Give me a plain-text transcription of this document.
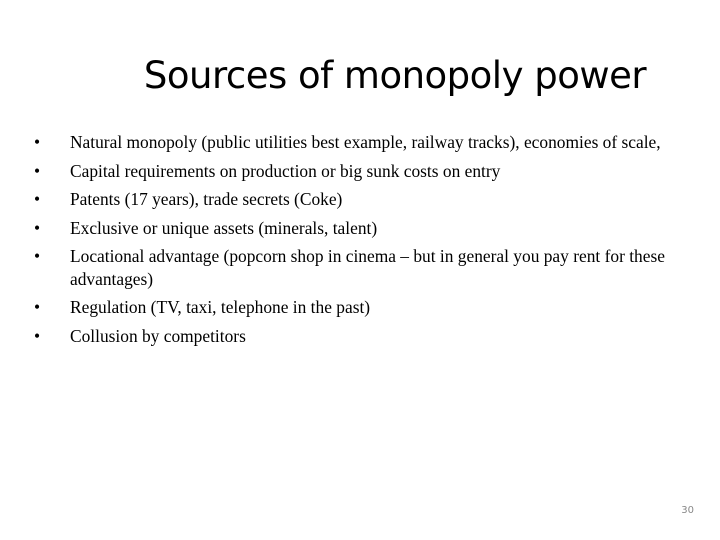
Sources of monopoly power
• Natural monopoly (public utilities best example, railway tracks), economies of scale,
• Capital requirements on production or big sunk costs on entry
• Patents (17 years), trade secrets (Coke)
• Exclusive or unique assets (minerals, talent)
• Locational advantage (popcorn shop in cinema – but in general you pay rent for these advantages)
• Regulation (TV, taxi, telephone in the past)
• Collusion by competitors
30
